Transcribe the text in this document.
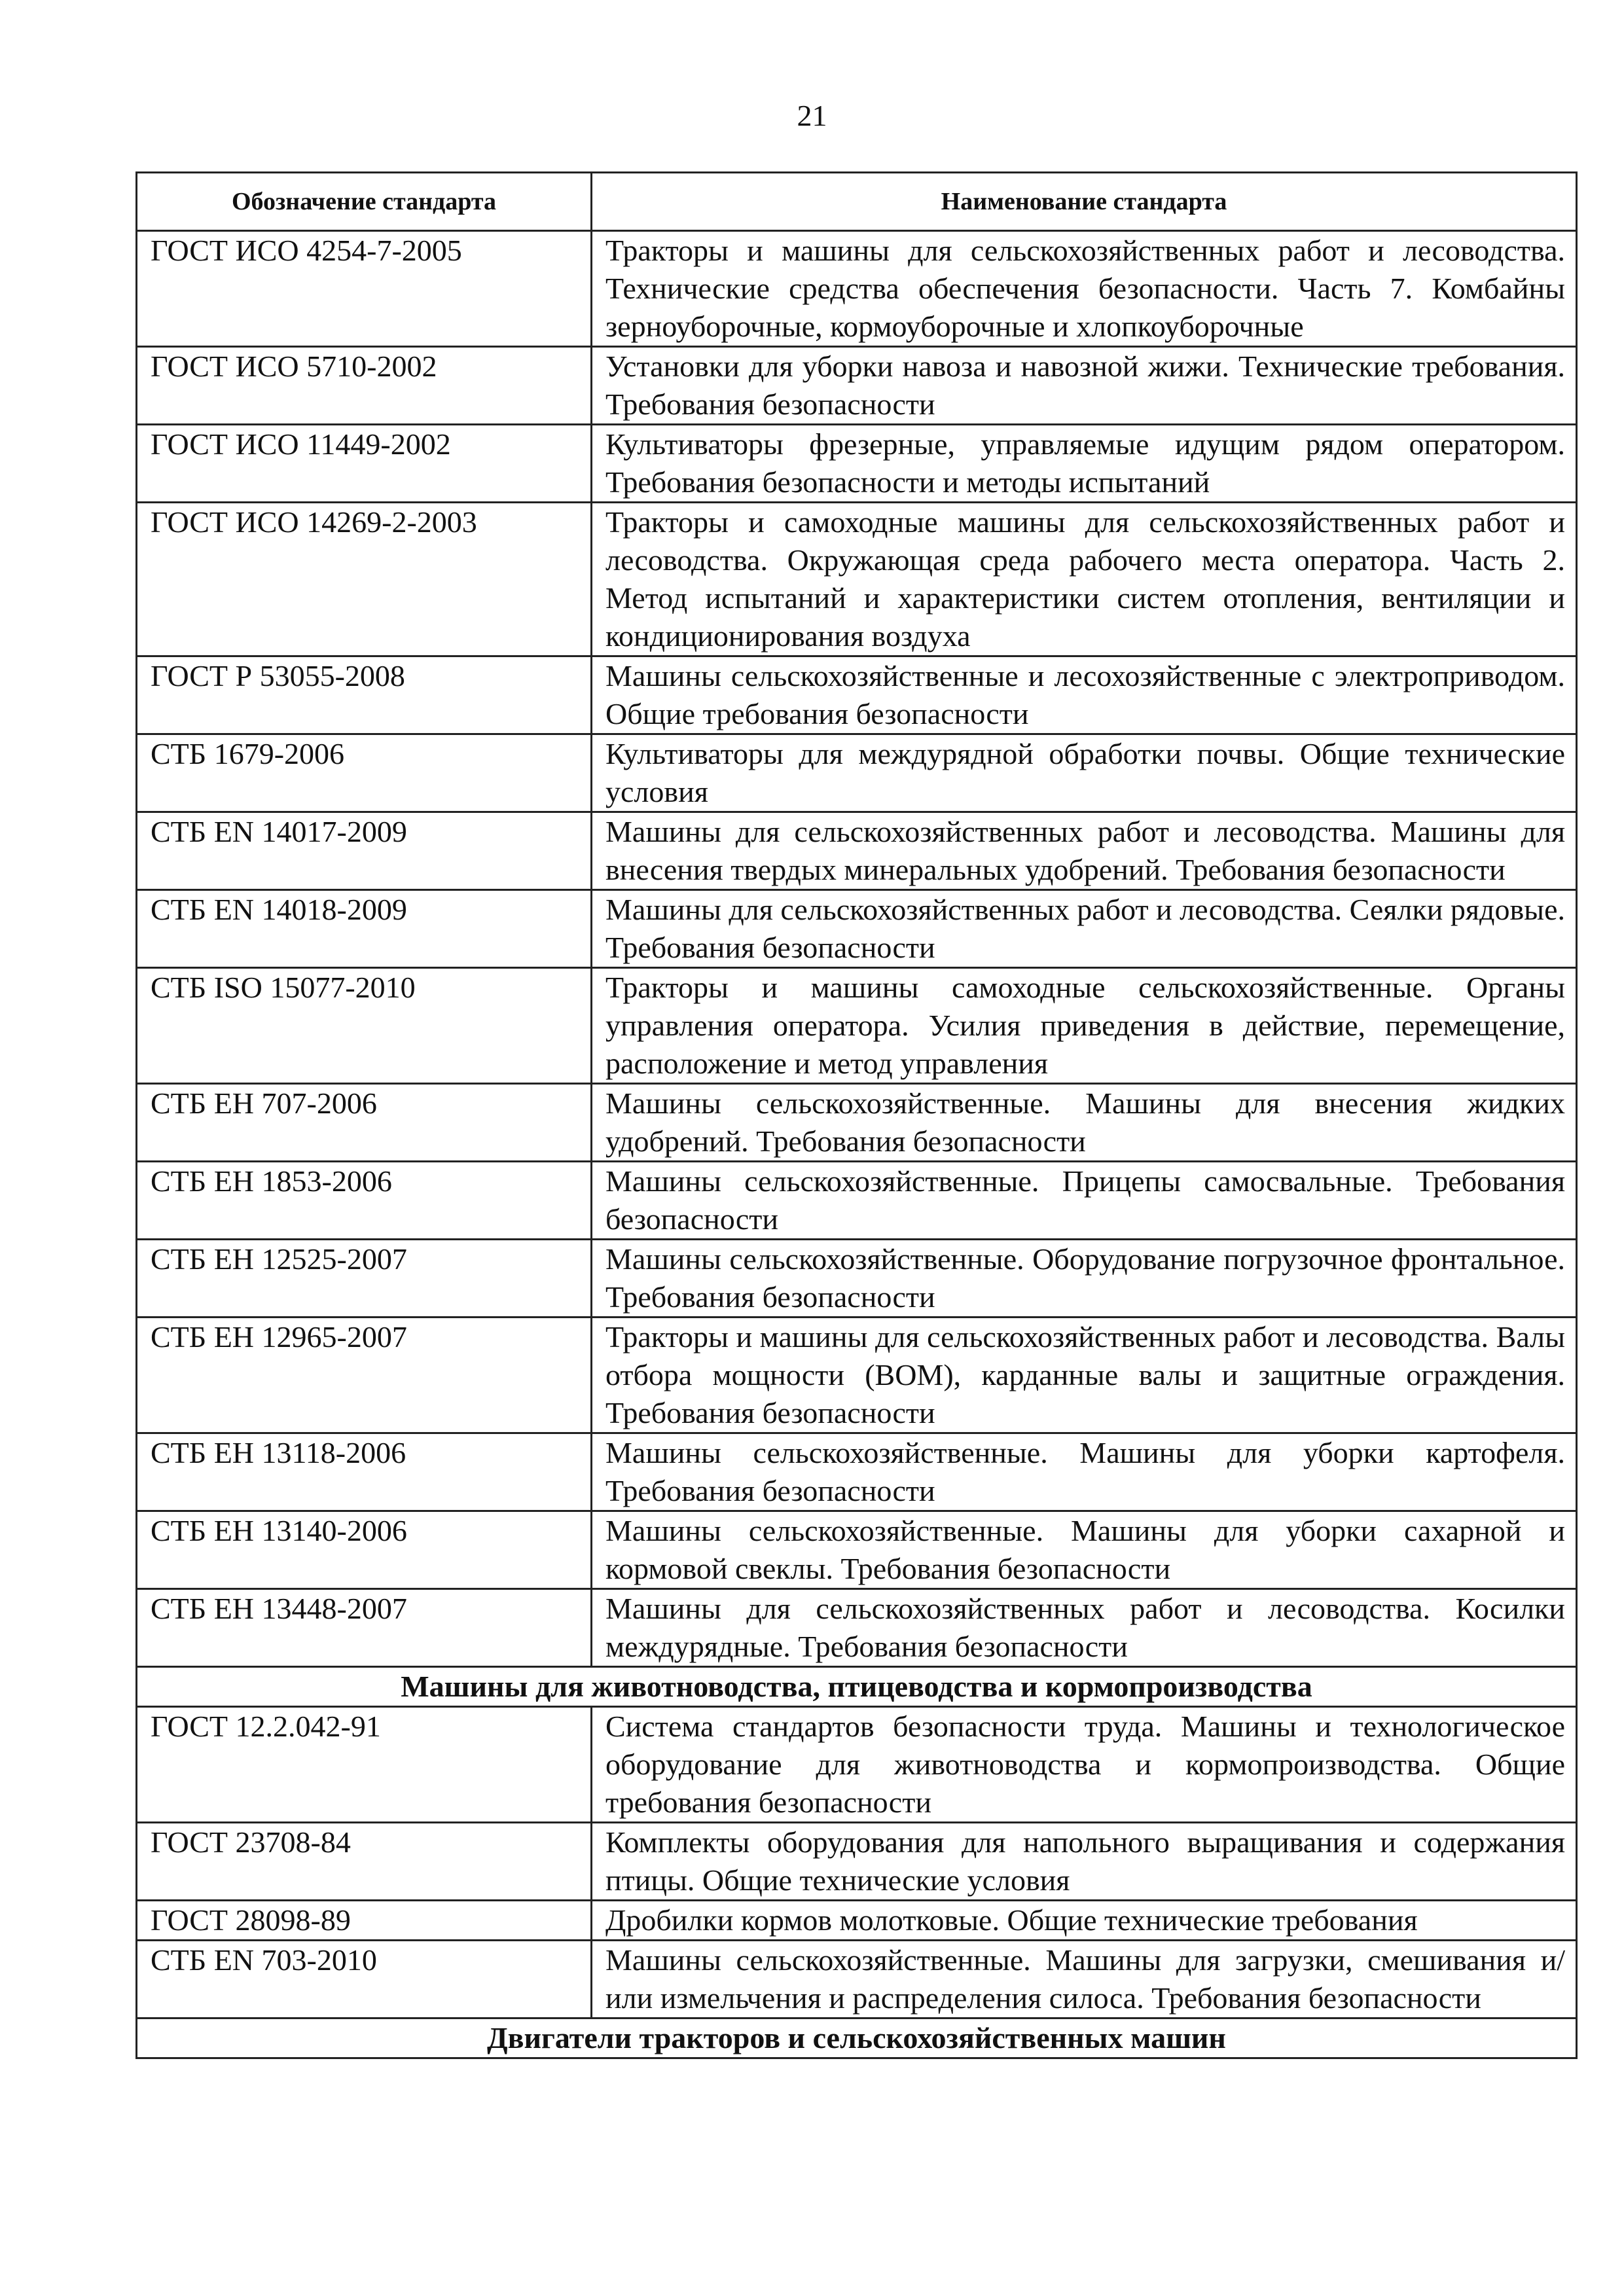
21
Обозначение стандарта	Наименование стандарта
ГОСТ ИСО 4254-7-2005	Тракторы и машины для сельскохозяйственных работ и лесоводства. Технические средства обеспечения безопасности. Часть 7. Комбайны зерноуборочные, кормоуборочные и хлопкоуборочные
ГОСТ ИСО 5710-2002	Установки для уборки навоза и навозной жижи. Технические требования. Требования безопасности
ГОСТ ИСО 11449-2002	Культиваторы фрезерные, управляемые идущим рядом оператором. Требования безопасности и методы испытаний
ГОСТ ИСО 14269-2-2003	Тракторы и самоходные машины для сельскохозяйственных работ и лесоводства. Окружающая среда рабочего места оператора. Часть 2. Метод испытаний и характеристики систем отопления, вентиляции и кондиционирования воздуха
ГОСТ Р 53055-2008	Машины сельскохозяйственные и лесохозяйственные с электроприводом. Общие требования безопасности
СТБ 1679-2006	Культиваторы для междурядной обработки почвы. Общие технические условия
СТБ EN 14017-2009	Машины для сельскохозяйственных работ и лесоводства. Машины для внесения твердых минеральных удобрений. Требования безопасности
СТБ EN 14018-2009	Машины для сельскохозяйственных работ и лесоводства. Сеялки рядовые. Требования безопасности
СТБ ISO 15077-2010	Тракторы и машины самоходные сельскохозяйственные. Органы управления оператора. Усилия приведения в действие, перемещение, расположение и метод управления
СТБ ЕН 707-2006	Машины сельскохозяйственные. Машины для внесения жидких удобрений. Требования безопасности
СТБ ЕН 1853-2006	Машины сельскохозяйственные. Прицепы самосвальные. Требования безопасности
СТБ ЕН 12525-2007	Машины сельскохозяйственные. Оборудование погрузочное фронтальное. Требования безопасности
СТБ ЕН 12965-2007	Тракторы и машины для сельскохозяйственных работ и лесоводства. Валы отбора мощности (ВОМ), карданные валы и защитные ограждения. Требования безопасности
СТБ ЕН 13118-2006	Машины сельскохозяйственные. Машины для уборки картофеля. Требования безопасности
СТБ ЕН 13140-2006	Машины сельскохозяйственные. Машины для уборки сахарной и кормовой свеклы. Требования безопасности
СТБ ЕН 13448-2007	Машины для сельскохозяйственных работ и лесоводства. Косилки междурядные. Требования безопасности
Машины для животноводства, птицеводства и кормопроизводства	
ГОСТ 12.2.042-91	Система стандартов безопасности труда. Машины и технологическое оборудование для животноводства и кормопроизводства. Общие требования безопасности
ГОСТ 23708-84	Комплекты оборудования для напольного выращивания и содержания птицы. Общие технические условия
ГОСТ 28098-89	Дробилки кормов молотковые. Общие технические требования
СТБ EN 703-2010	Машины сельскохозяйственные. Машины для загрузки, смешивания и/или измельчения и распределения силоса. Требования безопасности
Двигатели тракторов и сельскохозяйственных машин	
